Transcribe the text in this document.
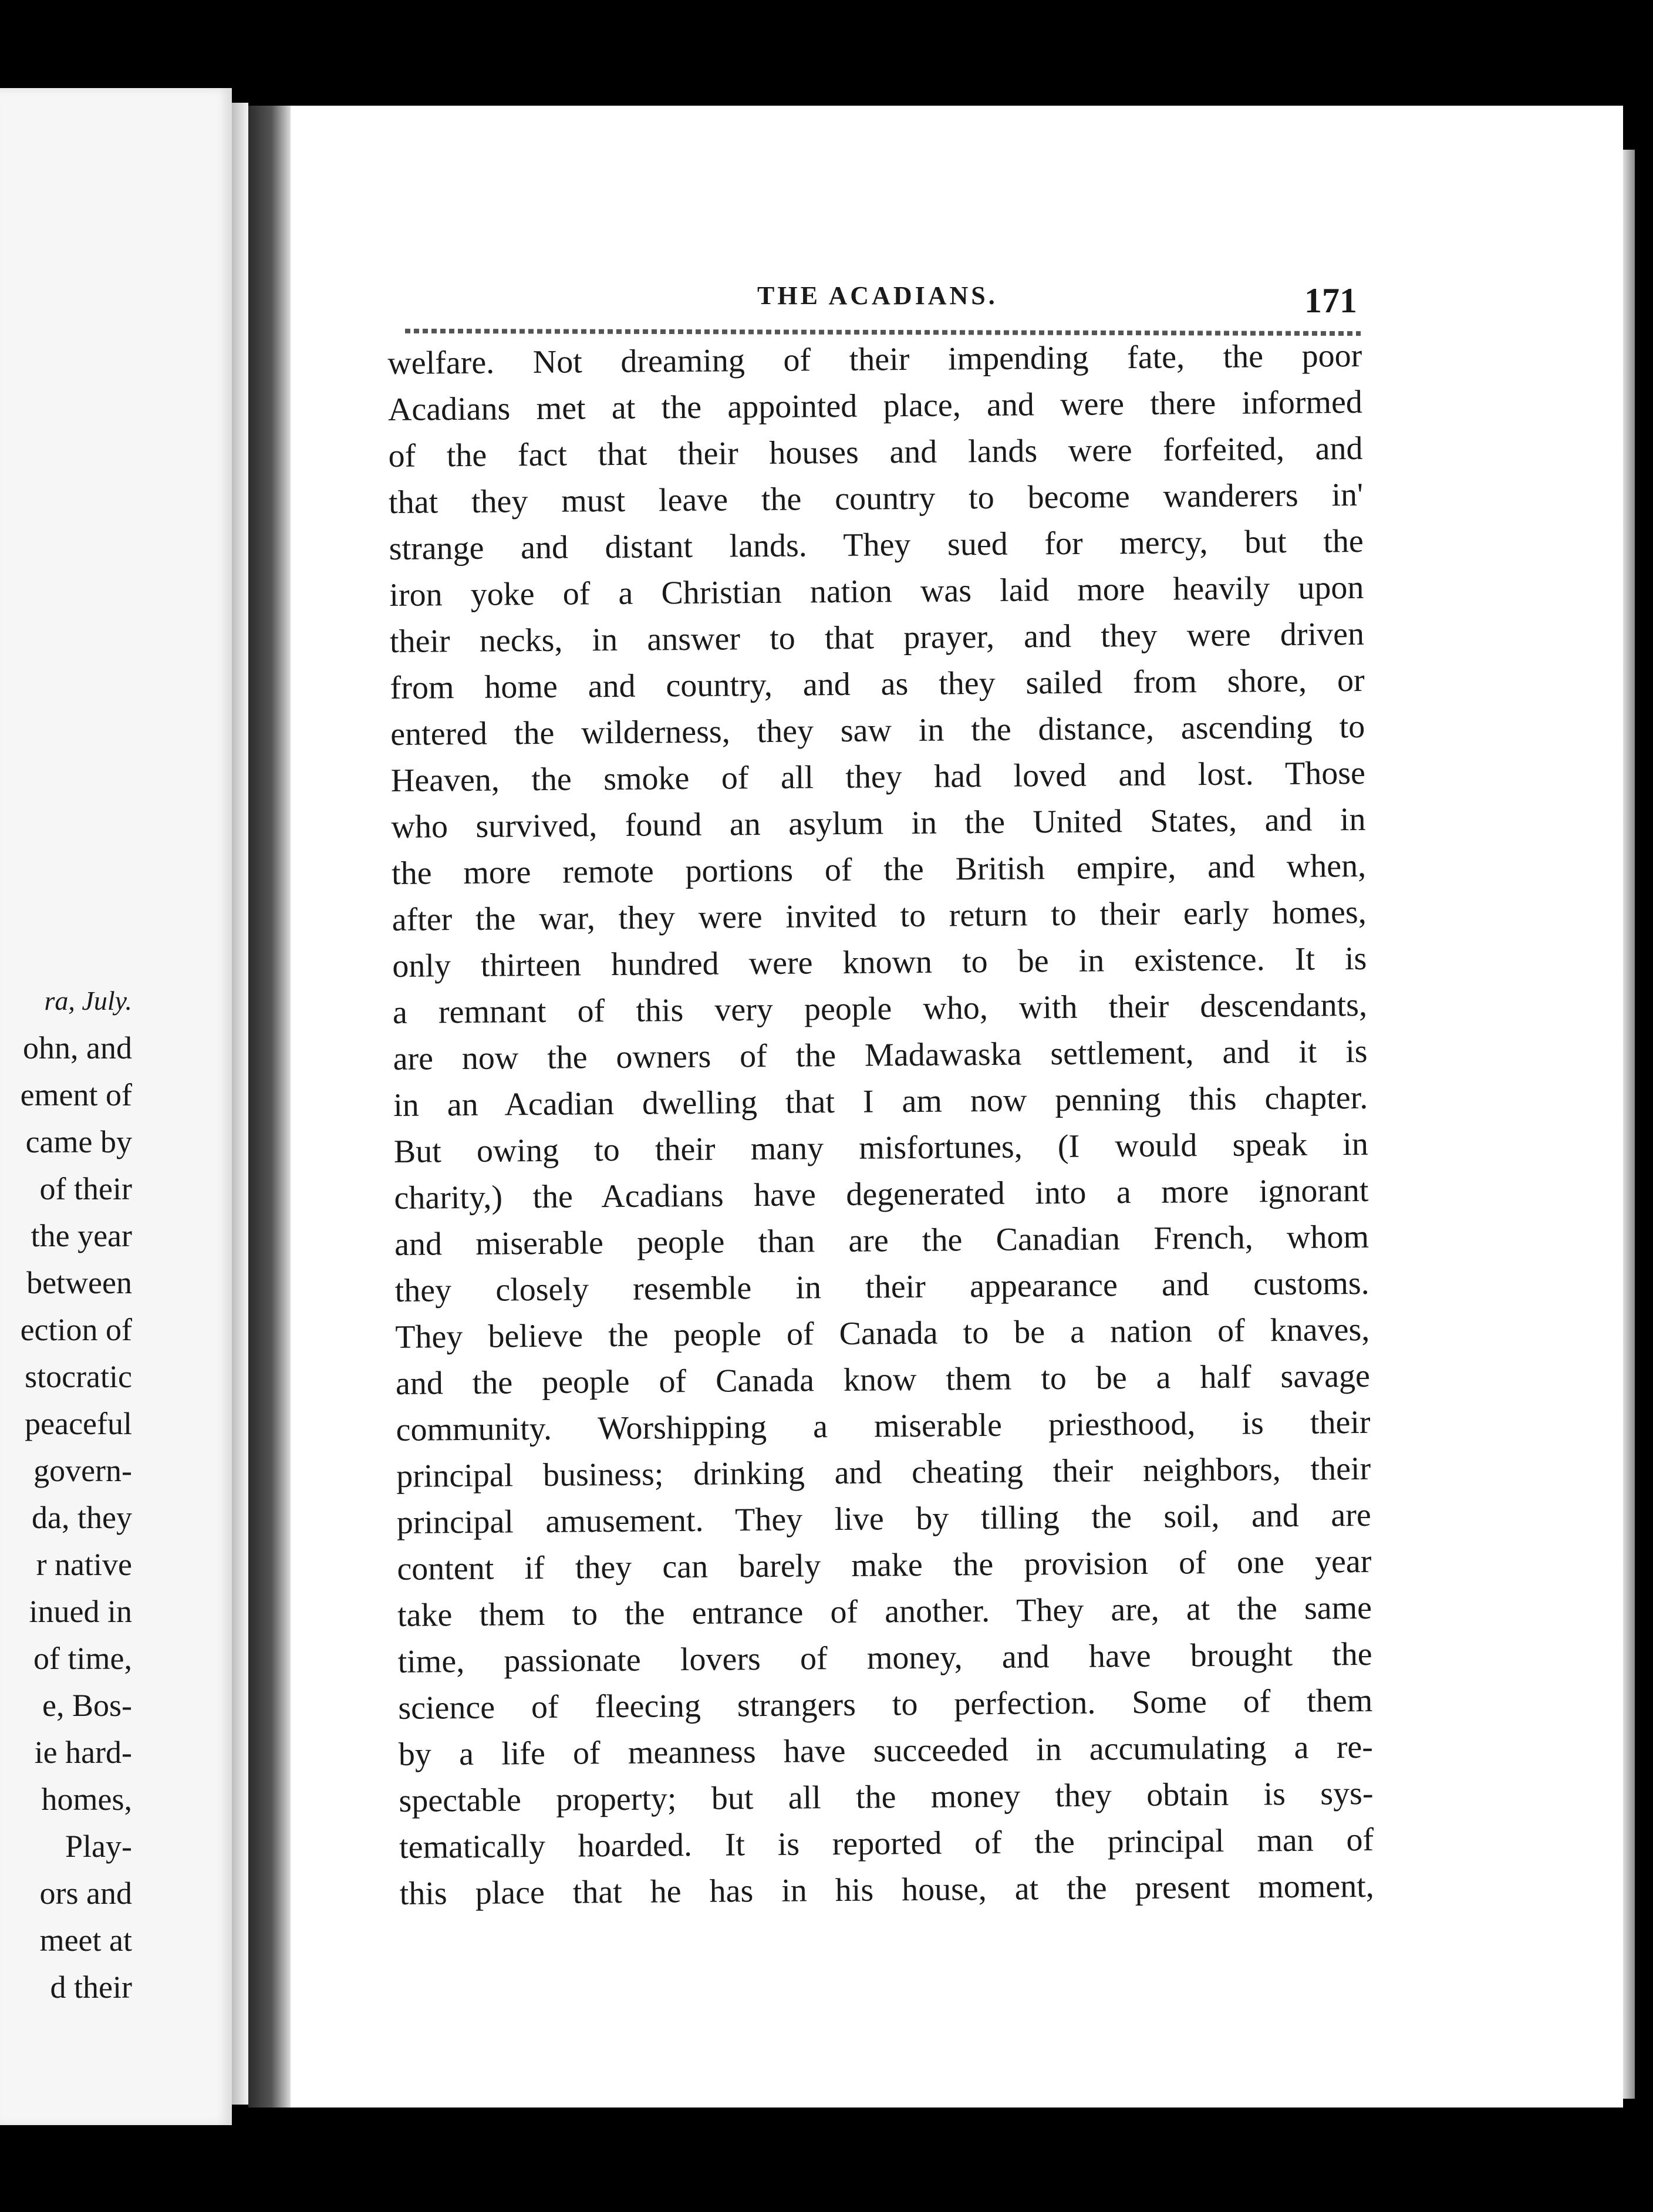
ra, July.
ohn, and
ement of
came by
of their
the year
between
ection of
stocratic
peaceful
govern-
da, they
r native
inued in
of time,
e, Bos-
ie hard-
homes,
Play-
ors and
meet at
d their
THE ACADIANS.	171
welfare. Not dreaming of their impending fate, the poor
Acadians met at the appointed place, and were there informed
of the fact that their houses and lands were forfeited, and
that they must leave the country to become wanderers in'
strange and distant lands. They sued for mercy, but the
iron yoke of a Christian nation was laid more heavily upon
their necks, in answer to that prayer, and they were driven
from home and country, and as they sailed from shore, or
entered the wilderness, they saw in the distance, ascending to
Heaven, the smoke of all they had loved and lost. Those
who survived, found an asylum in the United States, and in
the more remote portions of the British empire, and when,
after the war, they were invited to return to their early homes,
only thirteen hundred were known to be in existence. It is
a remnant of this very people who, with their descendants,
are now the owners of the Madawaska settlement, and it is
in an Acadian dwelling that I am now penning this chapter.
But owing to their many misfortunes, (I would speak in
charity,) the Acadians have degenerated into a more ignorant
and miserable people than are the Canadian French, whom
they closely resemble in their appearance and customs.
They believe the people of Canada to be a nation of knaves,
and the people of Canada know them to be a half savage
community. Worshipping a miserable priesthood, is their
principal business; drinking and cheating their neighbors, their
principal amusement. They live by tilling the soil, and are
content if they can barely make the provision of one year
take them to the entrance of another. They are, at the same
time, passionate lovers of money, and have brought the
science of fleecing strangers to perfection. Some of them
by a life of meanness have succeeded in accumulating a re-
spectable property; but all the money they obtain is sys-
tematically hoarded. It is reported of the principal man of
this place that he has in his house, at the present moment,
